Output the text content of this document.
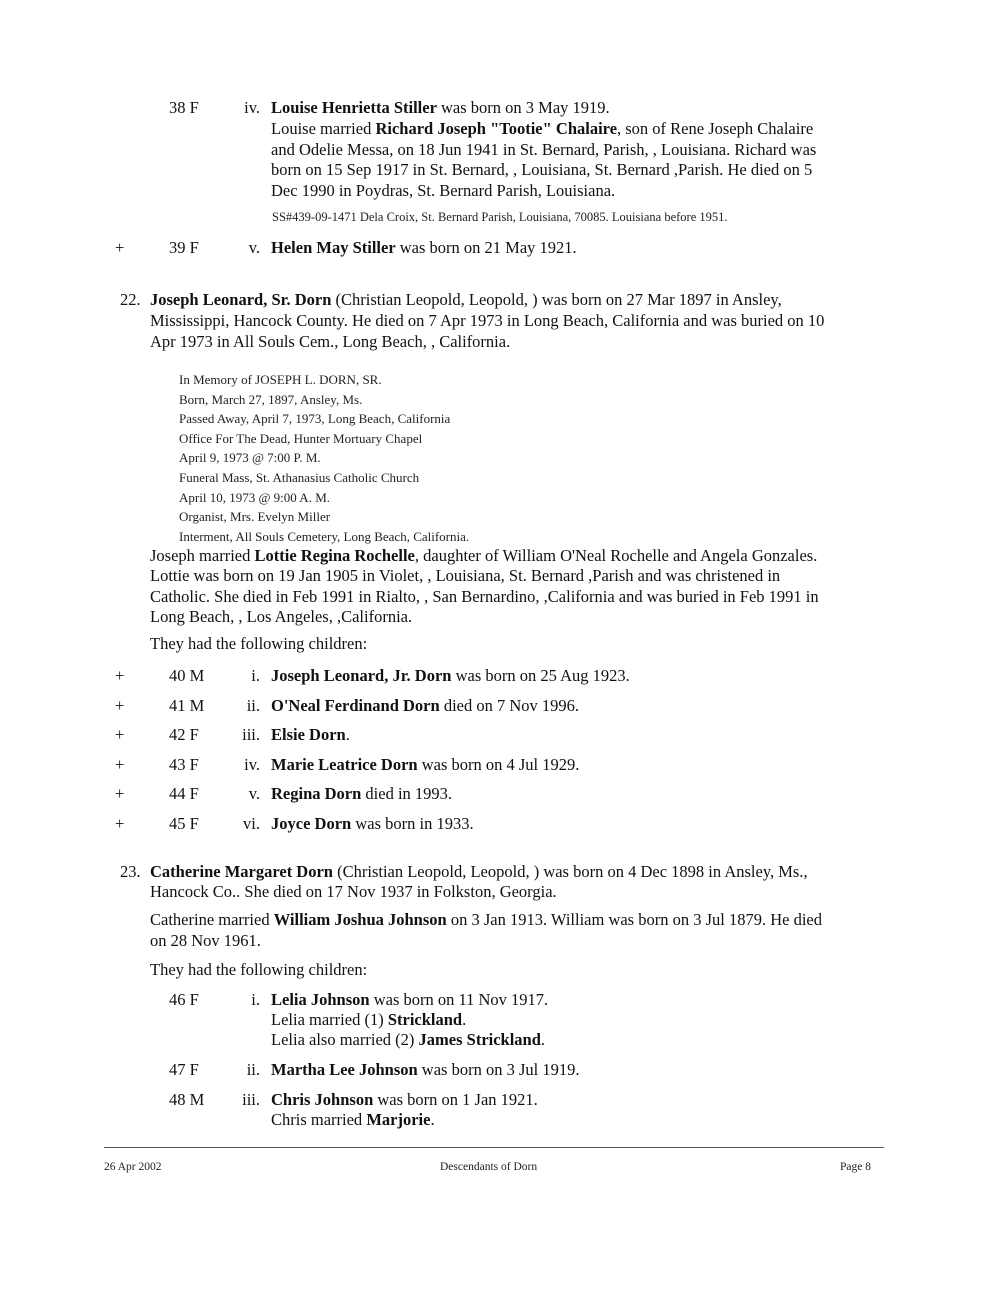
38 F	iv. Louise Henrietta Stiller was born on 3 May 1919.
Louise married Richard Joseph "Tootie" Chalaire, son of Rene Joseph Chalaire
and Odelie Messa, on 18 Jun 1941 in St. Bernard, Parish, , Louisiana. Richard was
born on 15 Sep 1917 in St. Bernard, , Louisiana, St. Bernard ,Parish. He died on 5
Dec 1990 in Poydras, St. Bernard Parish, Louisiana.
SS#439-09-1471 Dela Croix, St. Bernard Parish, Louisiana, 70085. Louisiana before 1951.
+	39 F	v. Helen May Stiller was born on 21 May 1921.
22. Joseph Leonard, Sr. Dorn (Christian Leopold, Leopold, ) was born on 27 Mar 1897 in Ansley,
Mississippi, Hancock County. He died on 7 Apr 1973 in Long Beach, California and was buried on 10
Apr 1973 in All Souls Cem., Long Beach, , California.
In Memory of JOSEPH L. DORN, SR.
Born, March 27, 1897, Ansley, Ms.
Passed Away, April 7, 1973, Long Beach, California
Office For The Dead, Hunter Mortuary Chapel
April 9, 1973 @ 7:00 P. M.
Funeral Mass, St. Athanasius Catholic Church
April 10, 1973 @ 9:00 A. M.
Organist, Mrs. Evelyn Miller
Interment, All Souls Cemetery, Long Beach, California.
Joseph married Lottie Regina Rochelle, daughter of William O'Neal Rochelle and Angela Gonzales.
Lottie was born on 19 Jan 1905 in Violet, , Louisiana, St. Bernard ,Parish and was christened in
Catholic. She died in Feb 1991 in Rialto, , San Bernardino, ,California and was buried in Feb 1991 in
Long Beach, , Los Angeles, ,California.
They had the following children:
+	40 M	i. Joseph Leonard, Jr. Dorn was born on 25 Aug 1923.
+	41 M	ii. O'Neal Ferdinand Dorn died on 7 Nov 1996.
+	42 F	iii. Elsie Dorn.
+	43 F	iv. Marie Leatrice Dorn was born on 4 Jul 1929.
+	44 F	v. Regina Dorn died in 1993.
+	45 F	vi. Joyce Dorn was born in 1933.
23. Catherine Margaret Dorn (Christian Leopold, Leopold, ) was born on 4 Dec 1898 in Ansley, Ms.,
Hancock Co.. She died on 17 Nov 1937 in Folkston, Georgia.
Catherine married William Joshua Johnson on 3 Jan 1913. William was born on 3 Jul 1879. He died
on 28 Nov 1961.
They had the following children:
46 F	i. Lelia Johnson was born on 11 Nov 1917.
Lelia married (1) Strickland.
Lelia also married (2) James Strickland.
47 F	ii. Martha Lee Johnson was born on 3 Jul 1919.
48 M	iii. Chris Johnson was born on 1 Jan 1921.
Chris married Marjorie.
26 Apr 2002	Descendants of Dorn	Page 8
